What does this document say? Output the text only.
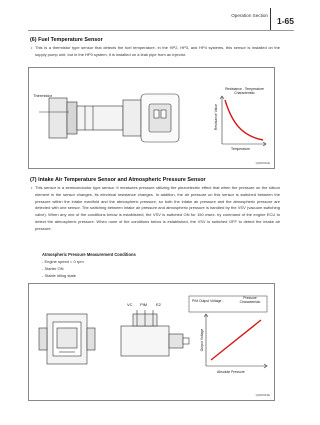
Operation Section
1-65
(6) Fuel Temperature Sensor
• This is a thermistor type sensor that detects the fuel temperature. In the HP2, HP3, and HP4 systems, this sensor is installed on the supply pump unit, but in the HP0 system, it is installed on a leak pipe from an injector.
Thermistor
Resistance - Temperature
Characteristic
Resistance Value
Temperature
Q000932E
(7) Intake Air Temperature Sensor and Atmospheric Pressure Sensor
• This sensor is a semiconductor type sensor. It measures pressure utilizing the piezoelectric effect that when the pressure on the silicon element in the sensor changes, its electrical resistance changes. In addition, the air pressure on this sensor is switched between the pressure within the intake manifold and the atmospheric pressure, so both the intake air pressure and the atmospheric pressure are detected with one sensor. The switching between intake air pressure and atmospheric pressure is handled by the VSV (vacuum switching valve). When any one of the conditions below is established, the VSV is switched ON for 150 msec. by command of the engine ECU to detect the atmospheric pressure. When none of the conditions below is established, the VSV is switched OFF to detect the intake air pressure.
Atmospheric Pressure Measurement Conditions
- Engine speed = 0 rpm
- Starter ON
- Stable idling state
VC PIM E2
PIM Output Voltage -
Pressure
Characteristic
Output Voltage
Absolute Pressure
Q000933E
